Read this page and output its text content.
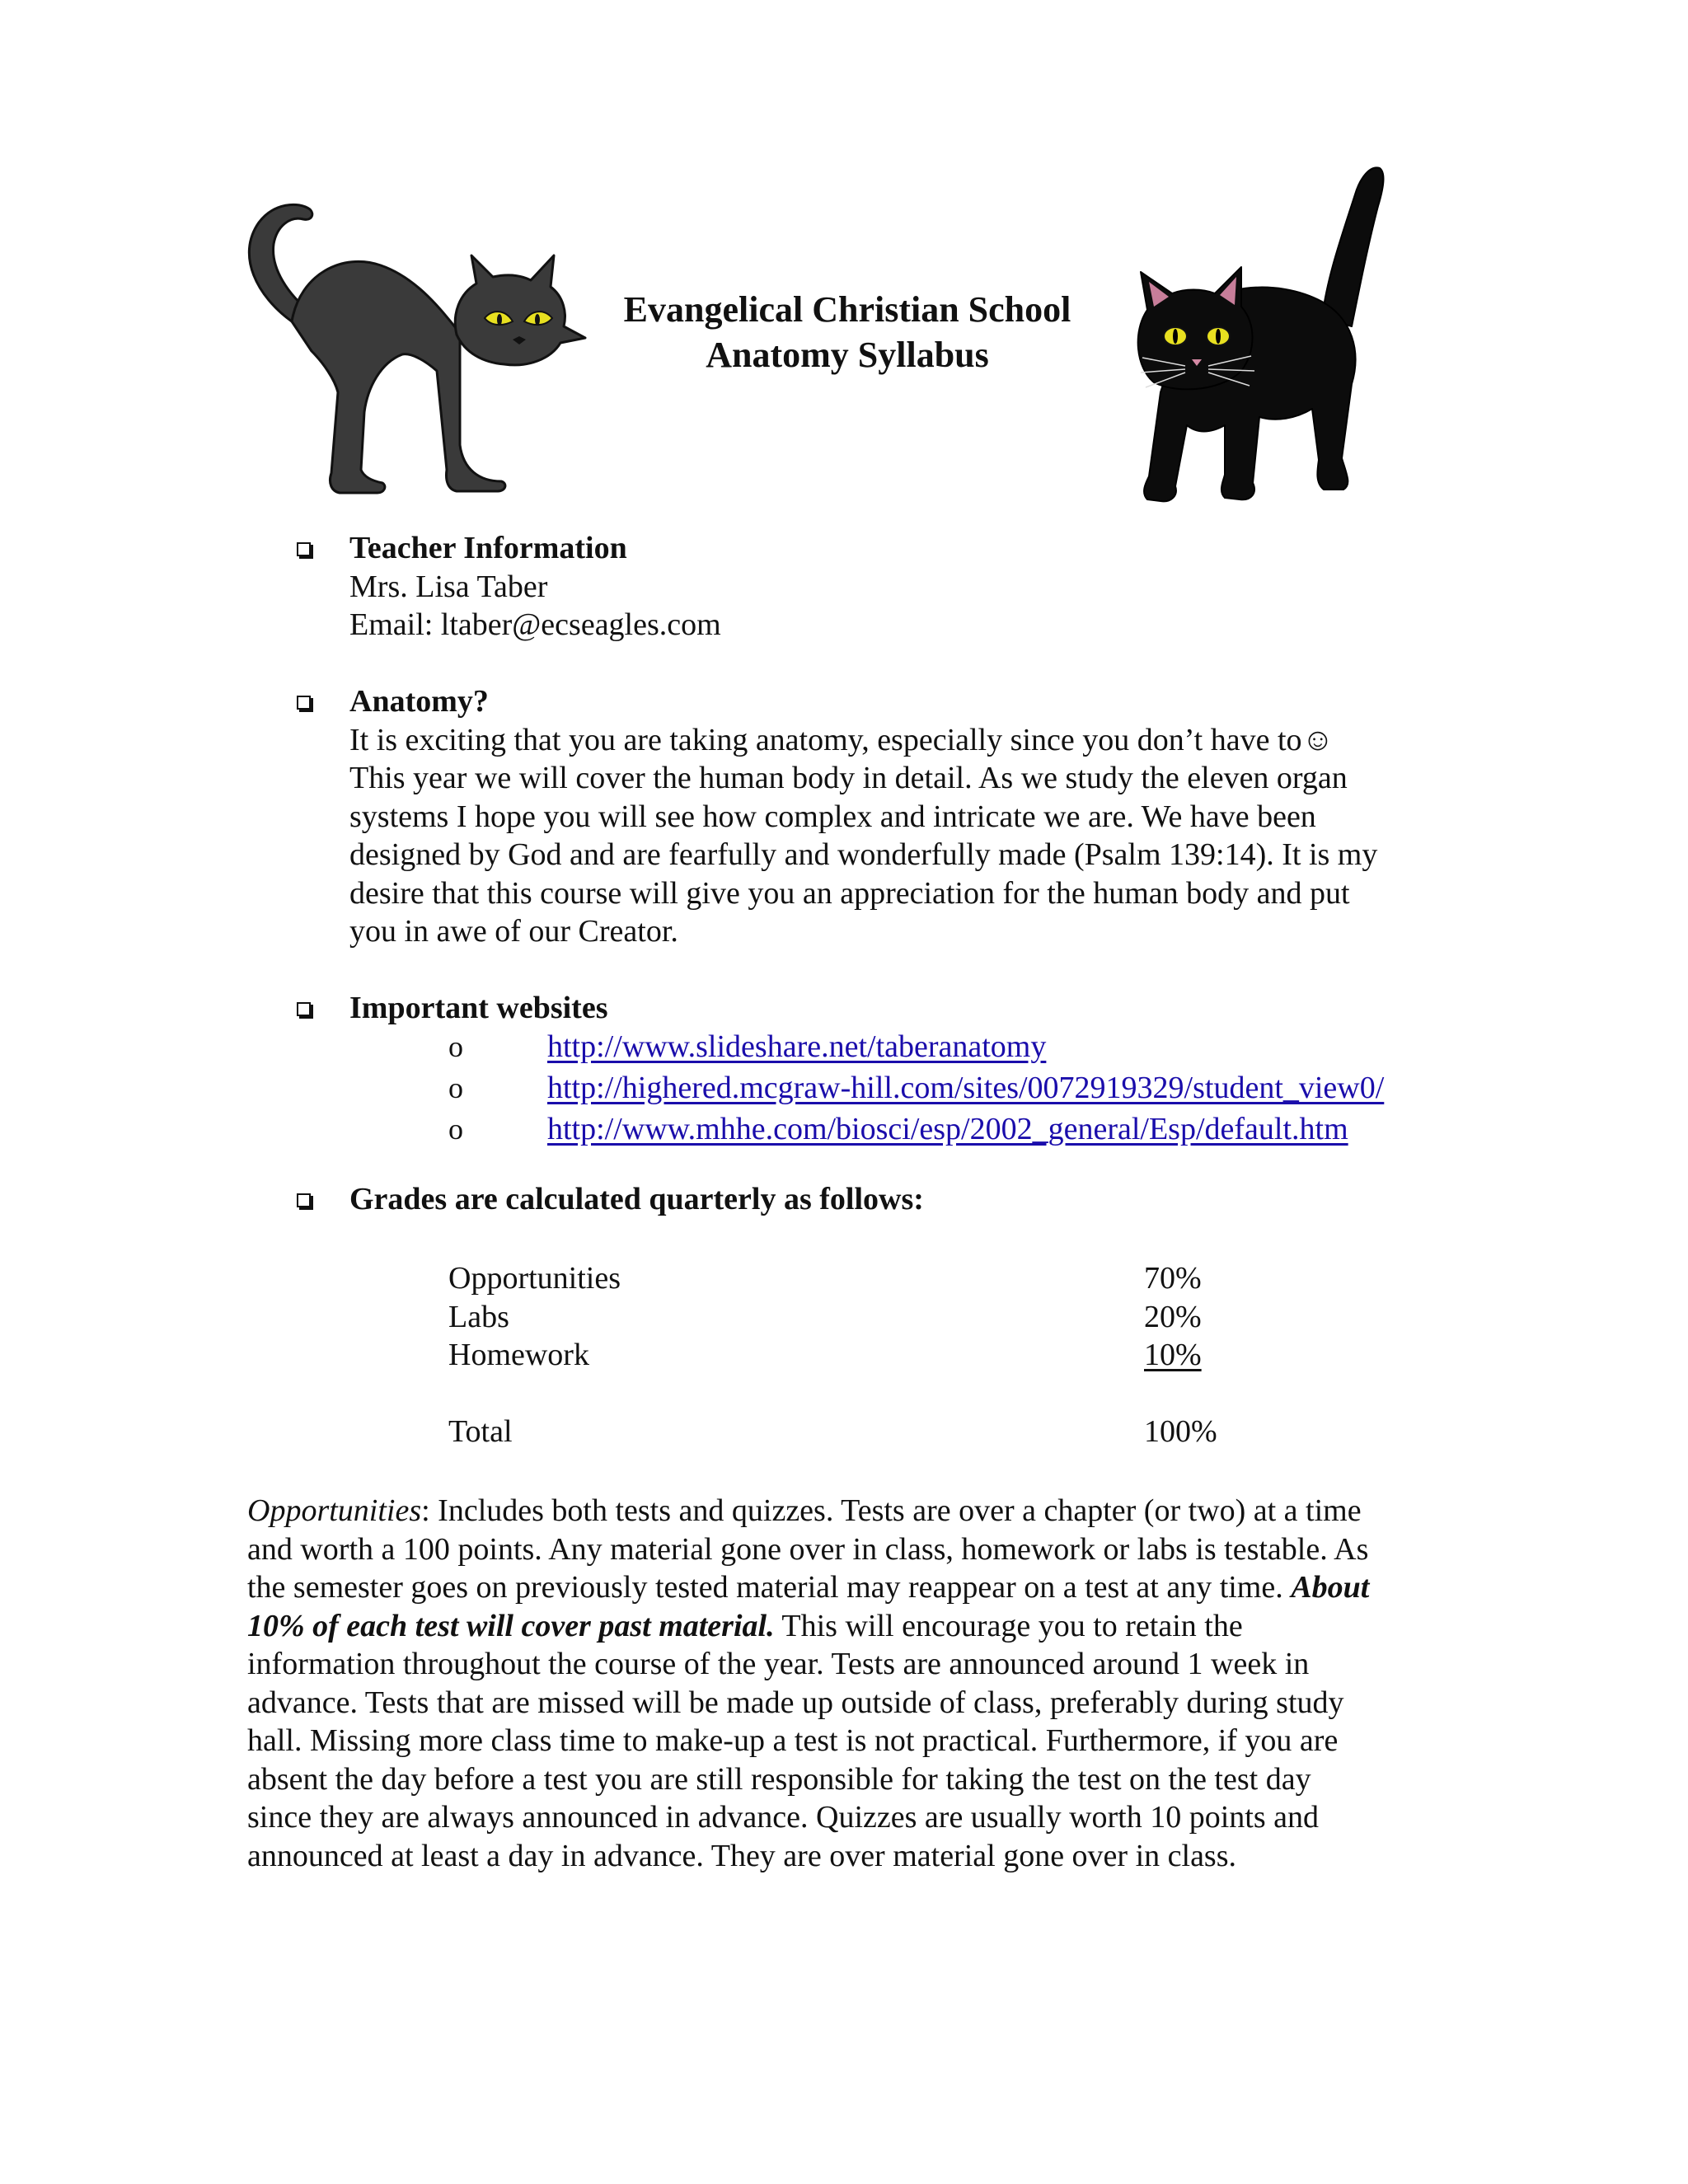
Evangelical Christian School
Anatomy Syllabus
Teacher Information
Mrs. Lisa Taber
Email: ltaber@ecseagles.com
Anatomy?
It is exciting that you are taking anatomy, especially since you don’t have to☺
This year we will cover the human body in detail. As we study the eleven organ
systems I hope you will see how complex and intricate we are. We have been
designed by God and are fearfully and wonderfully made (Psalm 139:14). It is my
desire that this course will give you an appreciation for the human body and put
you in awe of our Creator.
Important websites
o	http://www.slideshare.net/taberanatomy
o	http://highered.mcgraw-hill.com/sites/0072919329/student_view0/
o	http://www.mhhe.com/biosci/esp/2002_general/Esp/default.htm
Grades are calculated quarterly as follows:
Opportunities	70%
Labs	20%
Homework	10%
Total	100%
Opportunities: Includes both tests and quizzes. Tests are over a chapter (or two) at a time
and worth a 100 points. Any material gone over in class, homework or labs is testable. As
the semester goes on previously tested material may reappear on a test at any time. About
10% of each test will cover past material. This will encourage you to retain the
information throughout the course of the year. Tests are announced around 1 week in
advance. Tests that are missed will be made up outside of class, preferably during study
hall. Missing more class time to make-up a test is not practical. Furthermore, if you are
absent the day before a test you are still responsible for taking the test on the test day
since they are always announced in advance. Quizzes are usually worth 10 points and
announced at least a day in advance. They are over material gone over in class.
